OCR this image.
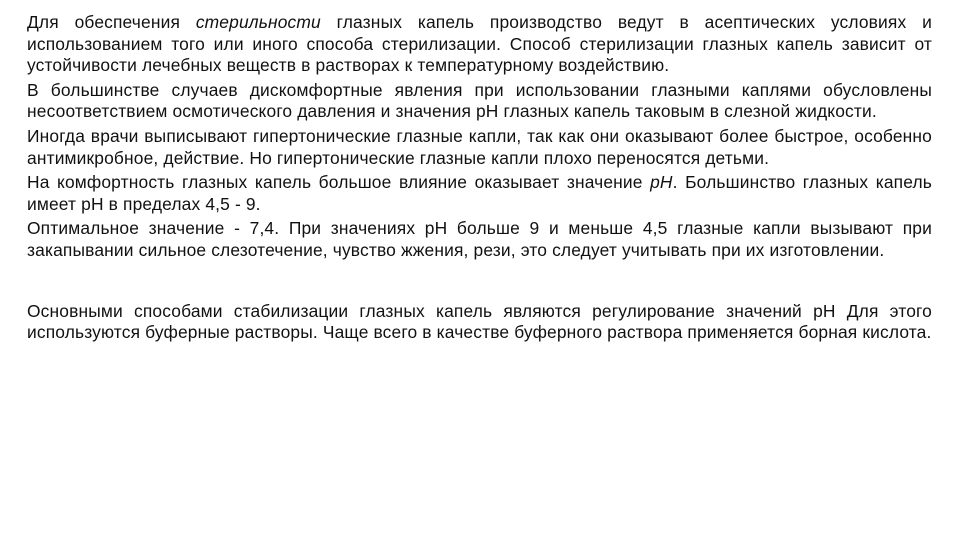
Для обеспечения стерильности глазных капель производство ведут в асептических условиях и использованием того или иного способа стерилизации. Способ стерилизации глазных капель зависит от устойчивости лечебных веществ в растворах к температурному воздействию.

В большинстве случаев дискомфортные явления при использовании глазными каплями обусловлены несоответствием осмотического давления и значения рН глазных капель таковым в слезной жидкости.

Иногда врачи выписывают гипертонические глазные капли, так как они оказывают более быстрое, особенно антимикробное, действие. Но гипертонические глазные капли плохо переносятся детьми.

На комфортность глазных капель большое влияние оказывает значение рН. Большинство глазных капель имеет рН в пределах 4,5 - 9.

Оптимальное значение - 7,4. При значениях рН больше 9 и меньше 4,5 глазные капли вызывают при закапывании сильное слезотечение, чувство жжения, рези, это следует учитывать при их изготовлении.

Основными способами стабилизации глазных капель являются регулирование значений рН Для этого используются буферные растворы. Чаще всего в качестве буферного раствора применяется борная кислота.
